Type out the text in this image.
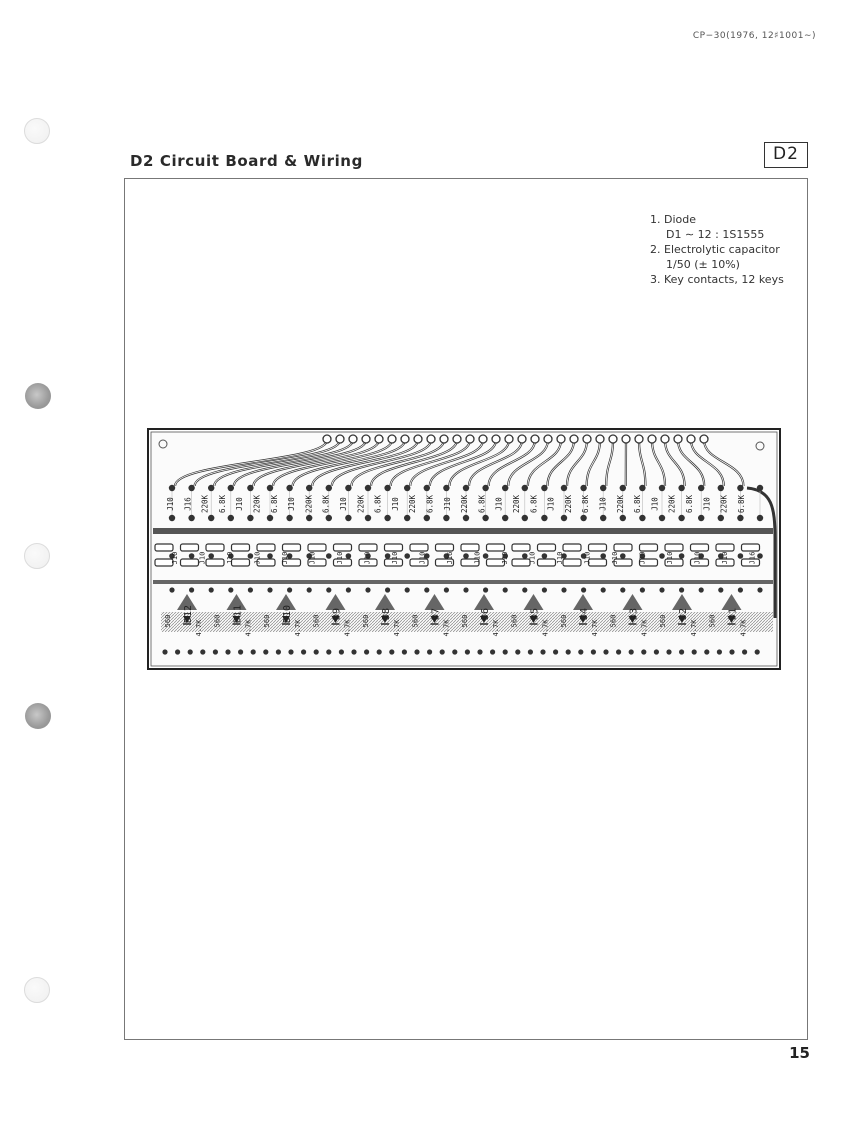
CP−30(1976, 12♯1001∼)
D2 Circuit Board & Wiring	D2
1. Diode
D1 ∼ 12 : 1S1555
2. Electrolytic capacitor
1/50 (± 10%)
3. Key contacts, 12 keys
J10 J16 220K 6.8K J10 220K 6.8K J10 220K 6.8K J10 220K 6.8K J10 220K 6.8K J10 220K 6.8K J10 220K 6.8K J10 220K 6.8K J10 220K 6.8K J10 220K 6.8K J10 220K 6.8K
J10	J10	J10	J10	J10	J10	J10	J10	J10	J10	J16	J10	J10	J10	J10	J10	J10	J10	J10	J10	J10	J16
D12
560	4.7K
D11
560	4.7K
D10
560	4.7K
D9
560	4.7K
D8
560	4.7K
D7
560	4.7K
D6
560	4.7K
D5
560	4.7K
D4
560	4.7K
D3
560	4.7K
D2
560	4.7K
D1
560	4.7K
15
